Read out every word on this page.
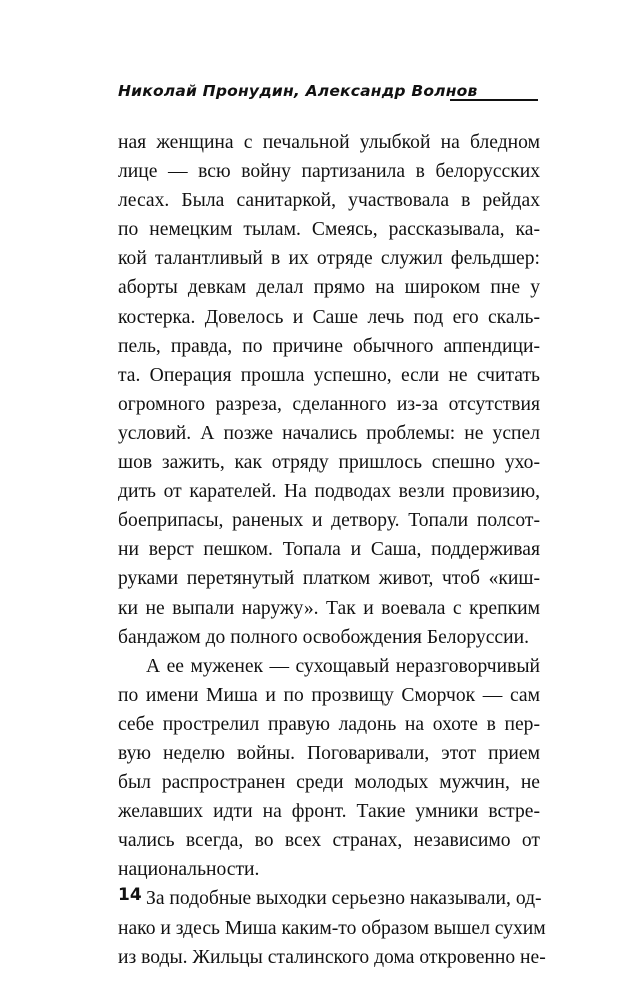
Николай Пронудин, Александр Волнов
ная женщина с печальной улыбкой на бледном
лице — всю войну партизанила в белорусских
лесах. Была санитаркой, участвовала в рейдах
по немецким тылам. Смеясь, рассказывала, ка-
кой талантливый в их отряде служил фельдшер:
аборты девкам делал прямо на широком пне у
костерка. Довелось и Саше лечь под его скаль-
пель, правда, по причине обычного аппендици-
та. Операция прошла успешно, если не считать
огромного разреза, сделанного из-за отсутствия
условий. А позже начались проблемы: не успел
шов зажить, как отряду пришлось спешно ухо-
дить от карателей. На подводах везли провизию,
боеприпасы, раненых и детвору. Топали полсот-
ни верст пешком. Топала и Саша, поддерживая
руками перетянутый платком живот, чтоб «киш-
ки не выпали наружу». Так и воевала с крепким
бандажом до полного освобождения Белоруссии.
А ее муженек — сухощавый неразговорчивый
по имени Миша и по прозвищу Сморчок — сам
себе прострелил правую ладонь на охоте в пер-
вую неделю войны. Поговаривали, этот прием
был распространен среди молодых мужчин, не
желавших идти на фронт. Такие умники встре-
чались всегда, во всех странах, независимо от
национальности.
За подобные выходки серьезно наказывали, од-
нако и здесь Миша каким-то образом вышел сухим
из воды. Жильцы сталинского дома откровенно не-
14
